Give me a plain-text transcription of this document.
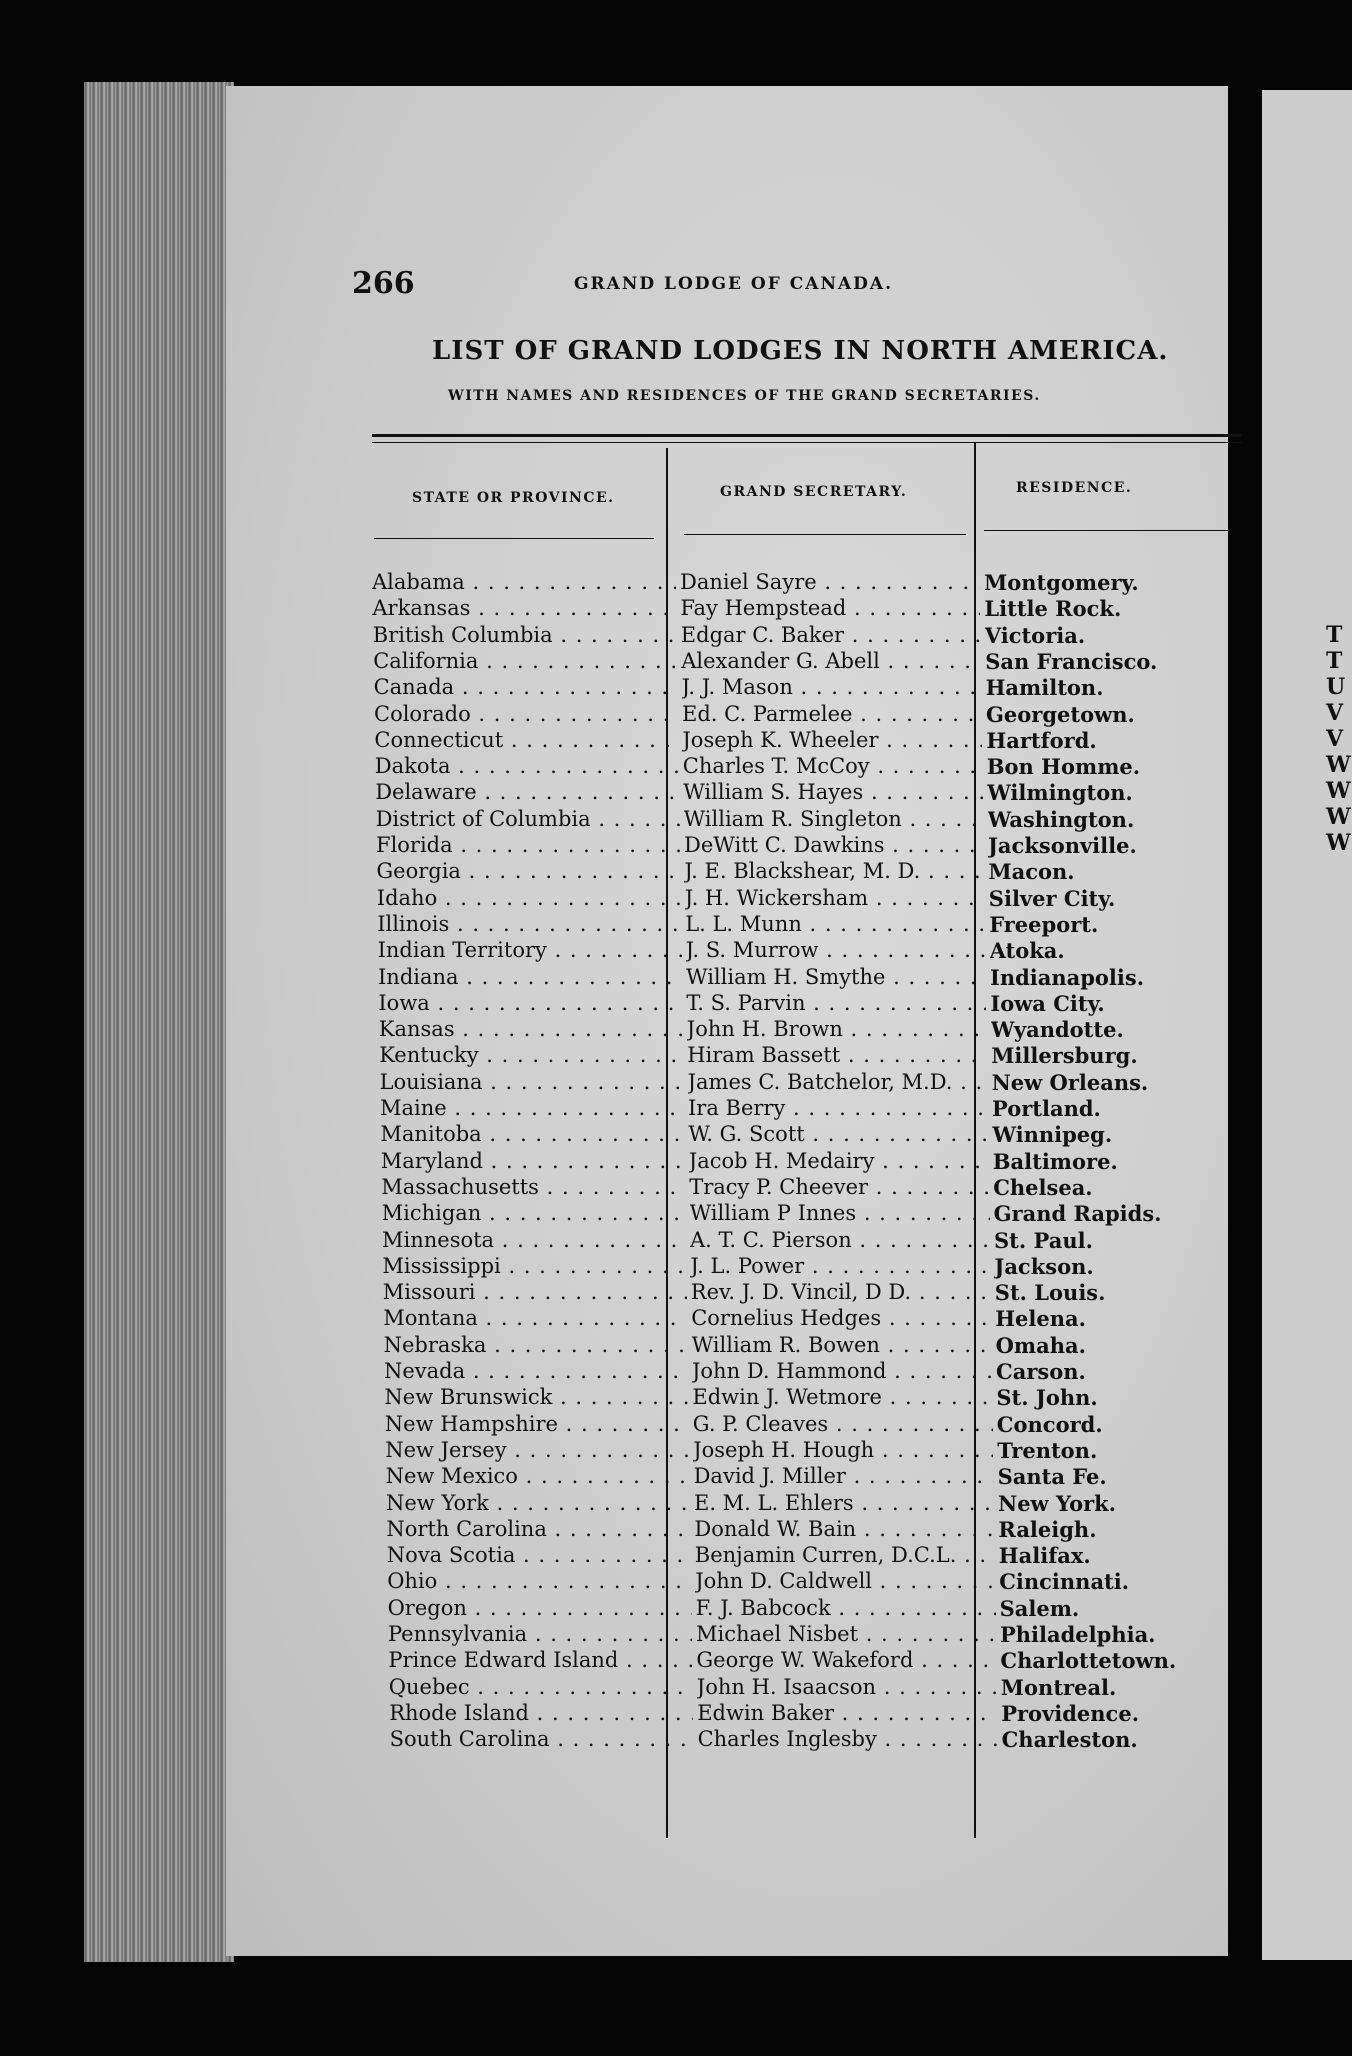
266	GRAND LODGE OF CANADA.
LIST OF GRAND LODGES IN NORTH AMERICA.
WITH NAMES AND RESIDENCES OF THE GRAND SECRETARIES.
STATE OR PROVINCE.	GRAND SECRETARY.	RESIDENCE.
Alabama . . .	Daniel Sayre . . .	Montgomery.
Arkansas . . .	Fay Hempstead . . .	Little Rock.
British Columbia . . .	Edgar C. Baker . . .	Victoria.
California . . .	Alexander G. Abell . . .	San Francisco.
Canada . . .	J. J. Mason . . .	Hamilton.
Colorado . . .	Ed. C. Parmelee . . .	Georgetown.
Connecticut . . .	Joseph K. Wheeler . . .	Hartford.
Dakota . . .	Charles T. McCoy . . .	Bon Homme.
Delaware . . .	William S. Hayes . . .	Wilmington.
District of Columbia . . .	William R. Singleton . . .	Washington.
Florida . . .	DeWitt C. Dawkins . . .	Jacksonville.
Georgia . . .	J. E. Blackshear, M. D. . . .	Macon.
Idaho . . .	J. H. Wickersham . . .	Silver City.
Illinois . . .	L. L. Munn . . .	Freeport.
Indian Territory . . .	J. S. Murrow . . .	Atoka.
Indiana . . .	William H. Smythe . . .	Indianapolis.
Iowa . . .	T. S. Parvin . . .	Iowa City.
Kansas . . .	John H. Brown . . .	Wyandotte.
Kentucky . . .	Hiram Bassett . . .	Millersburg.
Louisiana . . .	James C. Batchelor, M.D. . . .	New Orleans.
Maine . . .	Ira Berry . . .	Portland.
Manitoba . . .	W. G. Scott . . .	Winnipeg.
Maryland . . .	Jacob H. Medairy . . .	Baltimore.
Massachusetts . . .	Tracy P. Cheever . . .	Chelsea.
Michigan . . .	William P Innes . . .	Grand Rapids.
Minnesota . . .	A. T. C. Pierson . . .	St. Paul.
Mississippi . . .	J. L. Power . . .	Jackson.
Missouri . . .	Rev. J. D. Vincil, D D. . . .	St. Louis.
Montana . . .	Cornelius Hedges . . .	Helena.
Nebraska . . .	William R. Bowen . . .	Omaha.
Nevada . . .	John D. Hammond . . .	Carson.
New Brunswick . . .	Edwin J. Wetmore . . .	St. John.
New Hampshire . . .	G. P. Cleaves . . .	Concord.
New Jersey . . .	Joseph H. Hough . . .	Trenton.
New Mexico . . .	David J. Miller . . .	Santa Fe.
New York . . .	E. M. L. Ehlers . . .	New York.
North Carolina . . .	Donald W. Bain . . .	Raleigh.
Nova Scotia . . .	Benjamin Curren, D.C.L. . . .	Halifax.
Ohio . . .	John D. Caldwell . . .	Cincinnati.
Oregon . . .	F. J. Babcock . . .	Salem.
Pennsylvania . . .	Michael Nisbet . . .	Philadelphia.
Prince Edward Island . . .	George W. Wakeford . . .	Charlottetown.
Quebec . . .	John H. Isaacson . . .	Montreal.
Rhode Island . . .	Edwin Baker . . .	Providence.
South Carolina . . .	Charles Inglesby . . .	Charleston.
T
T
U
V
V
W
W
W
W
